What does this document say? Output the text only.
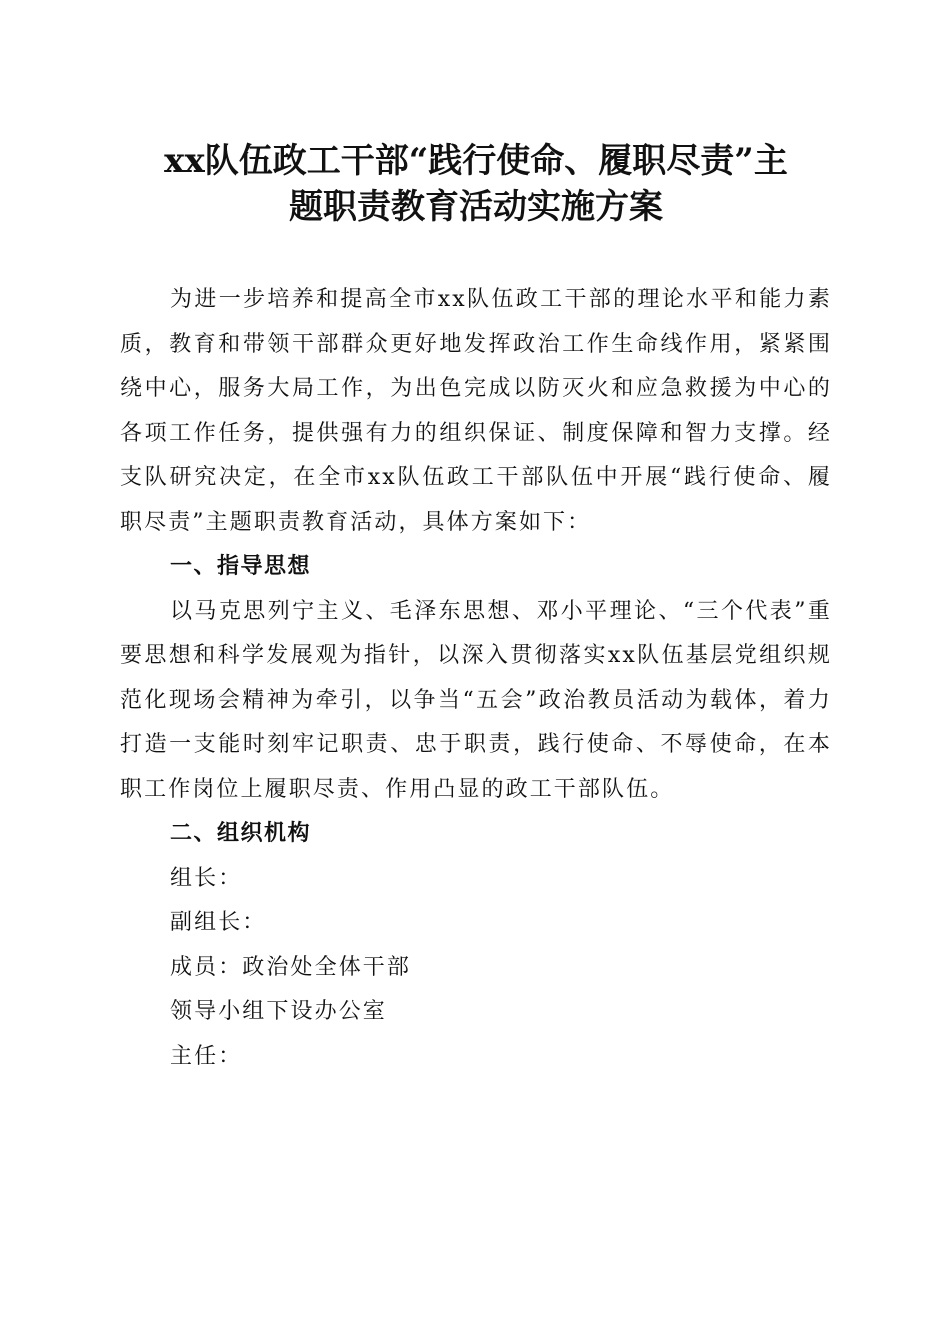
xx队伍政工干部“践行使命、履职尽责”主
题职责教育活动实施方案

为进一步培养和提高全市xx队伍政工干部的理论水平和能力素质，教育和带领干部群众更好地发挥政治工作生命线作用，紧紧围绕中心，服务大局工作，为出色完成以防灭火和应急救援为中心的各项工作任务，提供强有力的组织保证、制度保障和智力支撑。经支队研究决定，在全市xx队伍政工干部队伍中开展“践行使命、履职尽责”主题职责教育活动，具体方案如下：

一、指导思想

以马克思列宁主义、毛泽东思想、邓小平理论、“三个代表”重要思想和科学发展观为指针，以深入贯彻落实xx队伍基层党组织规范化现场会精神为牵引，以争当“五会”政治教员活动为载体，着力打造一支能时刻牢记职责、忠于职责，践行使命、不辱使命，在本职工作岗位上履职尽责、作用凸显的政工干部队伍。

二、组织机构

组长：

副组长：

成员：政治处全体干部

领导小组下设办公室

主任：
